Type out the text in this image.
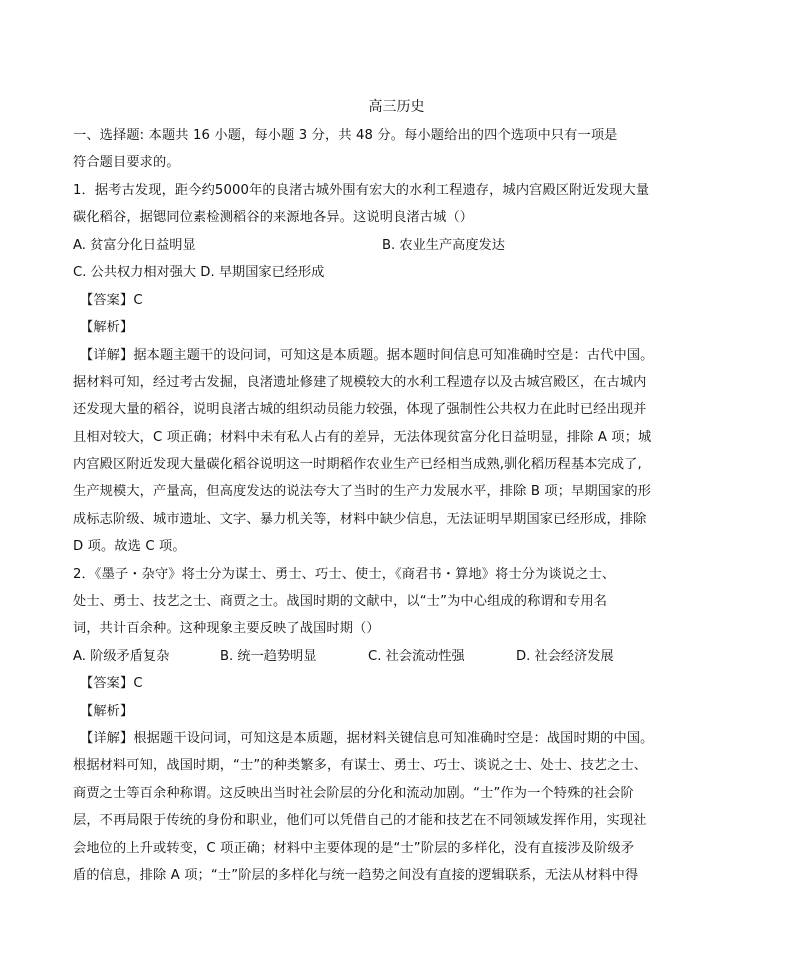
高三历史
一、选择题: 本题共 16 小题，每小题 3 分，共 48 分。每小题给出的四个选项中只有一项是
符合题目要求的。
1．据考古发现，距今约5000年的良渚古城外围有宏大的水利工程遗存，城内宫殿区附近发现大量
碳化稻谷，据锶同位素检测稻谷的来源地各异。这说明良渚古城（）
A. 贫富分化日益明显	B. 农业生产高度发达
C. 公共权力相对强大 D. 早期国家已经形成
【答案】C
【解析】
【详解】据本题主题干的设问词，可知这是本质题。据本题时间信息可知准确时空是：古代中国。
据材料可知，经过考古发掘，良渚遗址修建了规模较大的水利工程遗存以及古城宫殿区，在古城内
还发现大量的稻谷，说明良渚古城的组织动员能力较强，体现了强制性公共权力在此时已经出现并
且相对较大，C 项正确；材料中未有私人占有的差异，无法体现贫富分化日益明显，排除 A 项；城
内宫殿区附近发现大量碳化稻谷说明这一时期稻作农业生产已经相当成熟,驯化稻历程基本完成了,
生产规模大，产量高，但高度发达的说法夸大了当时的生产力发展水平，排除 B 项；早期国家的形
成标志阶级、城市遗址、文字、暴力机关等，材料中缺少信息，无法证明早期国家已经形成，排除
D 项。故选 C 项。
2．《墨子・杂守》将士分为谋士、勇士、巧士、使士，《商君书・算地》将士分为谈说之士、
处士、勇士、技艺之士、商贾之士。战国时期的文献中，以“士”为中心组成的称谓和专用名
词，共计百余种。这种现象主要反映了战国时期（）
A. 阶级矛盾复杂	B. 统一趋势明显	C. 社会流动性强	D. 社会经济发展
【答案】C
【解析】
【详解】根据题干设问词，可知这是本质题，据材料关键信息可知准确时空是：战国时期的中国。
根据材料可知，战国时期，“士”的种类繁多，有谋士、勇士、巧士、谈说之士、处士、技艺之士、
商贾之士等百余种称谓。这反映出当时社会阶层的分化和流动加剧。“士”作为一个特殊的社会阶
层，不再局限于传统的身份和职业，他们可以凭借自己的才能和技艺在不同领域发挥作用，实现社
会地位的上升或转变，C 项正确；材料中主要体现的是“士”阶层的多样化，没有直接涉及阶级矛
盾的信息，排除 A 项；“士”阶层的多样化与统一趋势之间没有直接的逻辑联系，无法从材料中得
